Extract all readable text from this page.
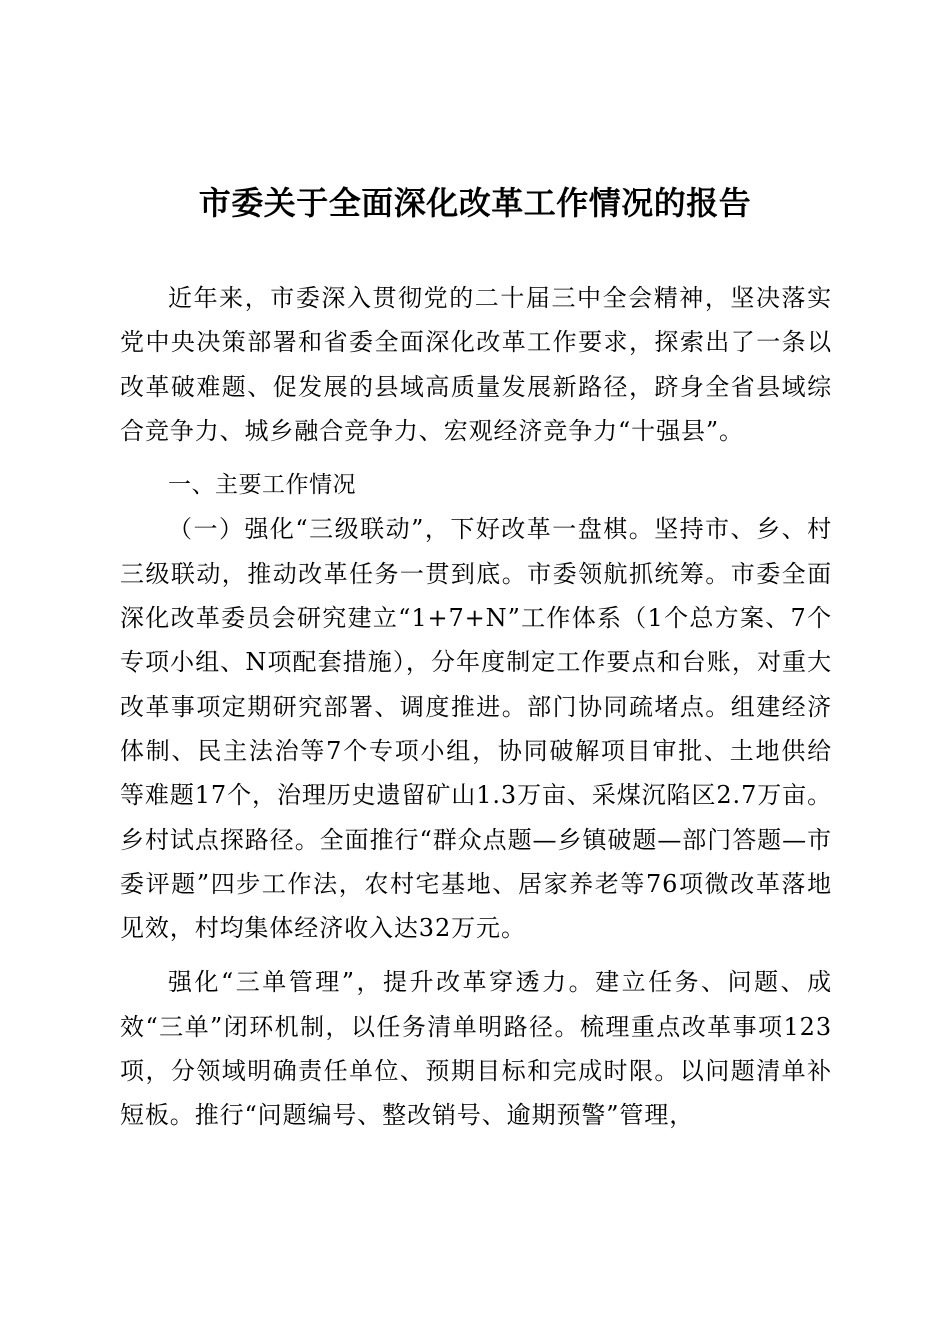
市委关于全面深化改革工作情况的报告

近年来，市委深入贯彻党的二十届三中全会精神，坚决落实党中央决策部署和省委全面深化改革工作要求，探索出了一条以改革破难题、促发展的县域高质量发展新路径，跻身全省县域综合竞争力、城乡融合竞争力、宏观经济竞争力“十强县”。

一、主要工作情况

（一）强化“三级联动”，下好改革一盘棋。坚持市、乡、村三级联动，推动改革任务一贯到底。市委领航抓统筹。市委全面深化改革委员会研究建立“1+7+N”工作体系（1个总方案、7个专项小组、N项配套措施），分年度制定工作要点和台账，对重大改革事项定期研究部署、调度推进。部门协同疏堵点。组建经济体制、民主法治等7个专项小组，协同破解项目审批、土地供给等难题17个，治理历史遗留矿山1.3万亩、采煤沉陷区2.7万亩。乡村试点探路径。全面推行“群众点题—乡镇破题—部门答题—市委评题”四步工作法，农村宅基地、居家养老等76项微改革落地见效，村均集体经济收入达32万元。

强化“三单管理”，提升改革穿透力。建立任务、问题、成效“三单”闭环机制，以任务清单明路径。梳理重点改革事项123项，分领域明确责任单位、预期目标和完成时限。以问题清单补短板。推行“问题编号、整改销号、逾期预警”管理，
